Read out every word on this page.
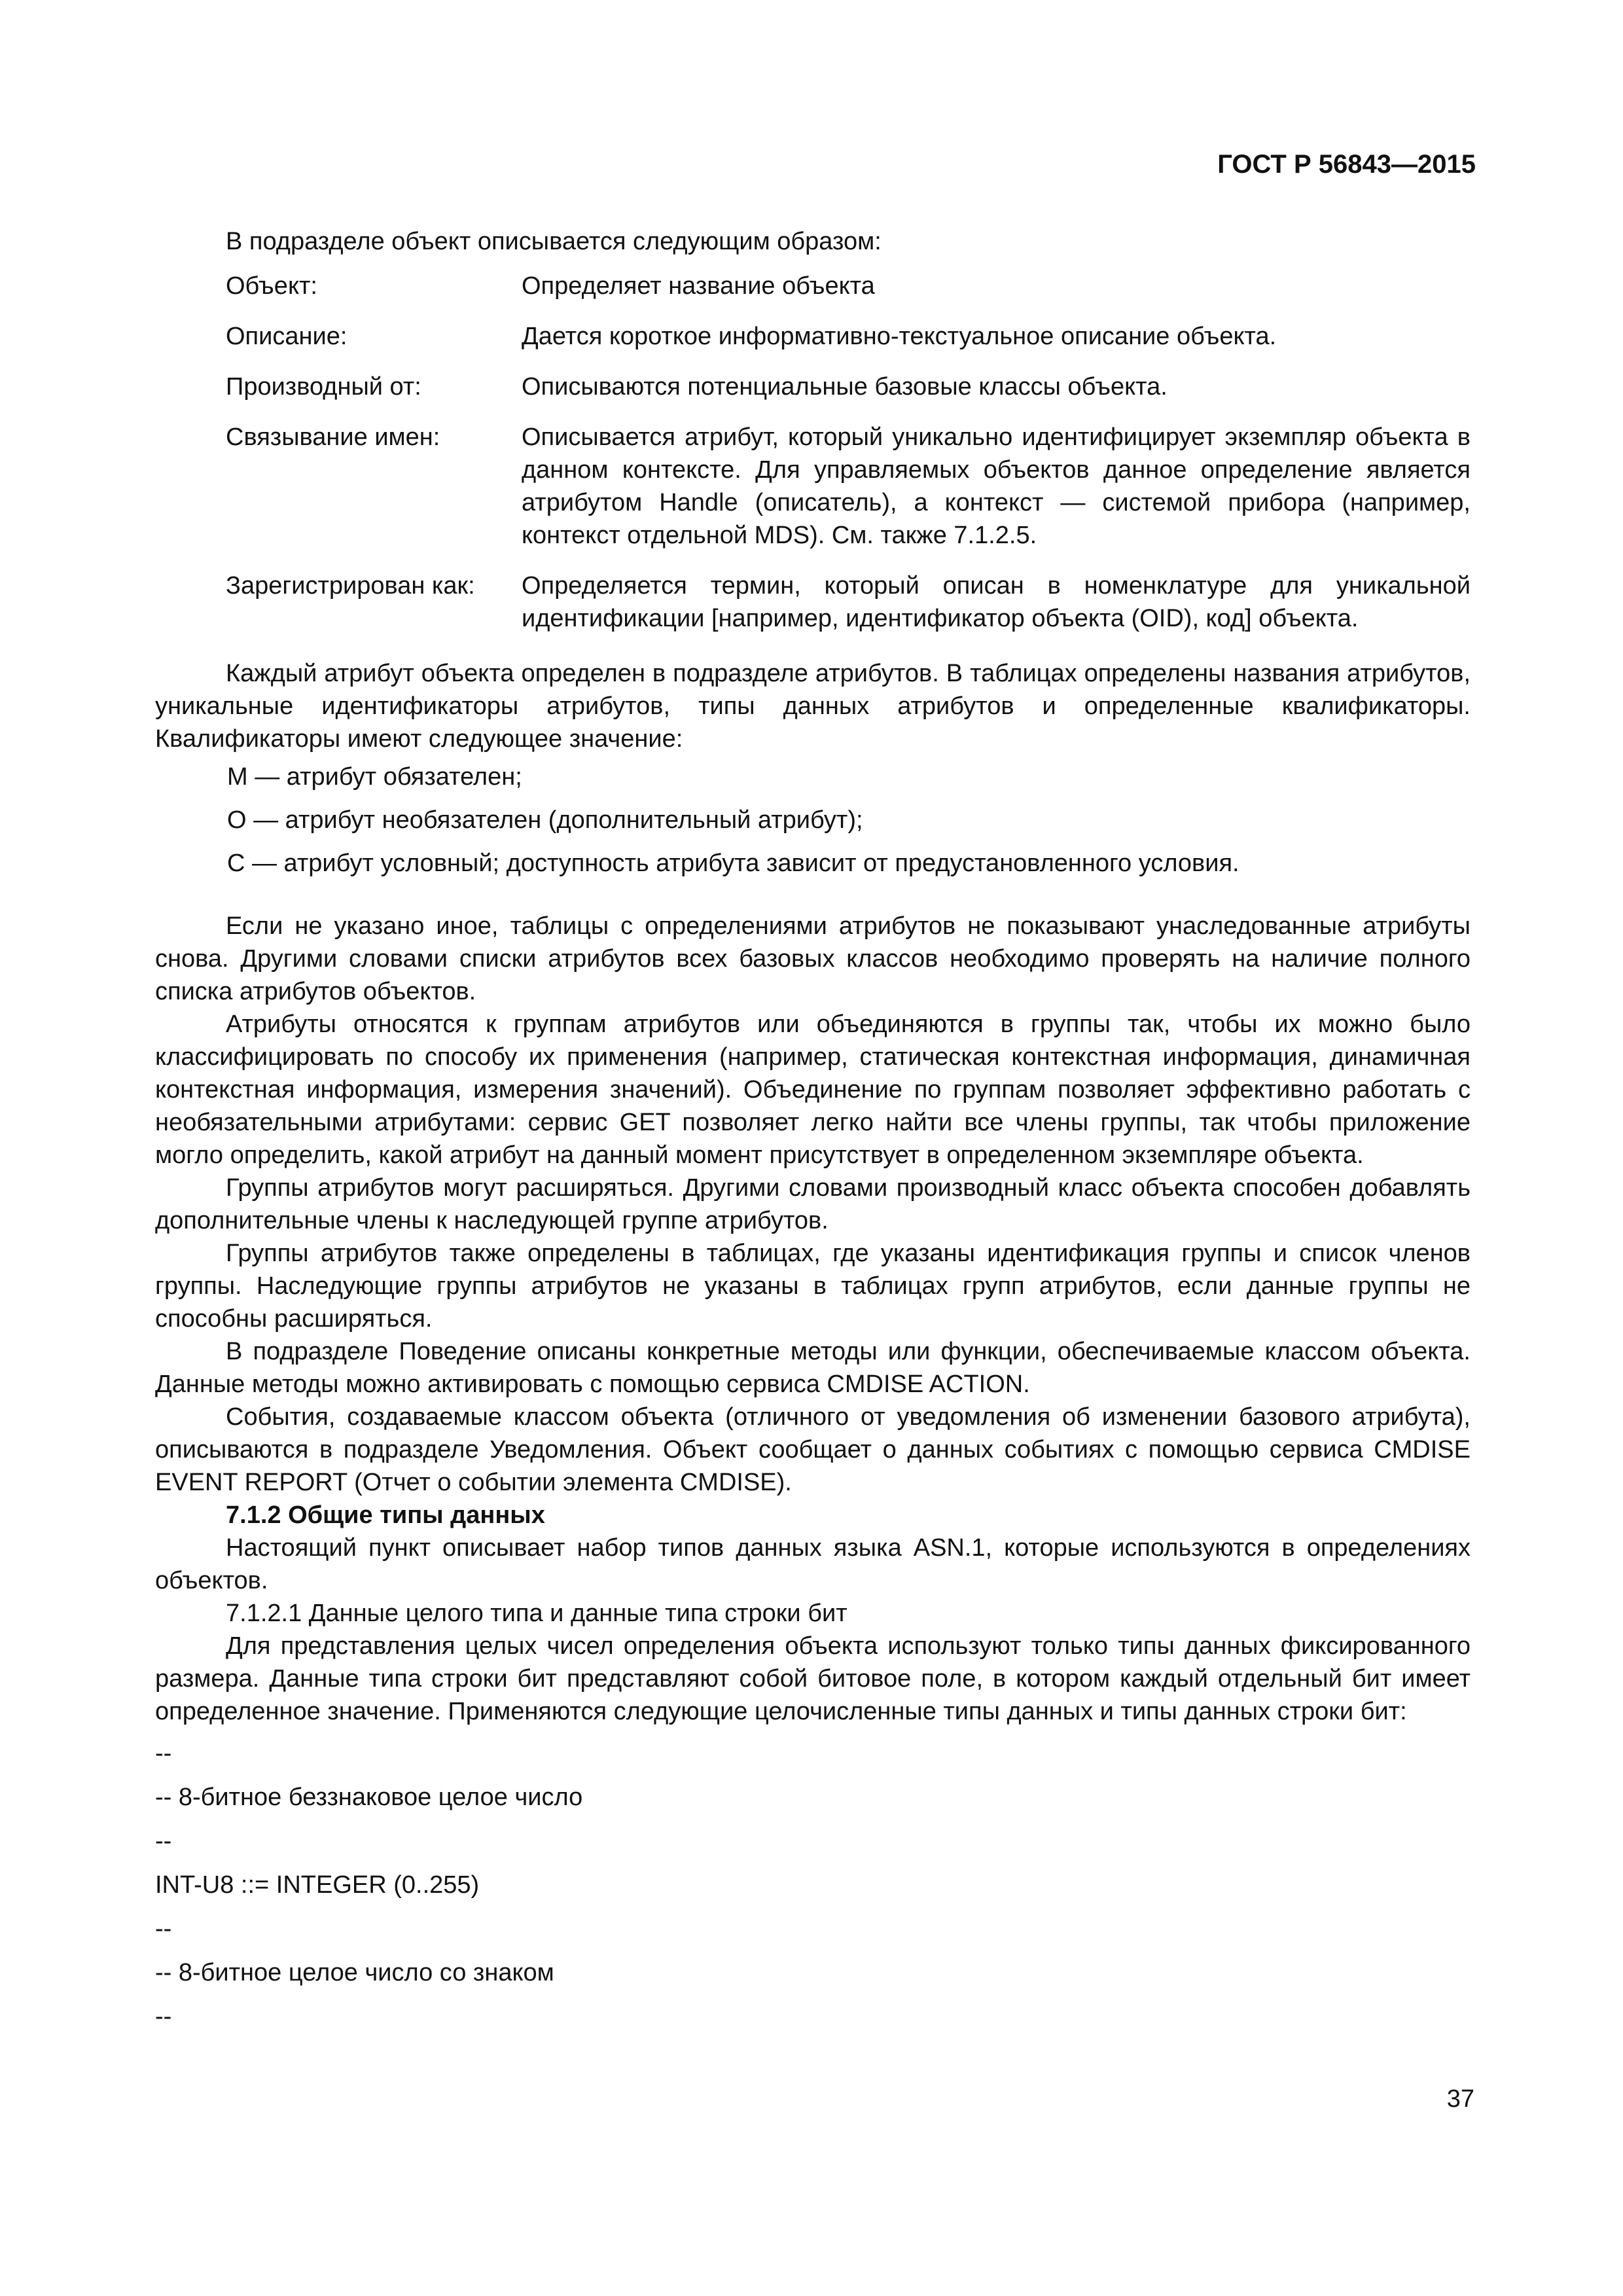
ГОСТ Р 56843—2015

В подразделе объект описывается следующим образом:

Объект:	Определяет название объекта
Описание:	Дается короткое информативно-текстуальное описание объекта.
Производный от:	Описываются потенциальные базовые классы объекта.
Связывание имен:	Описывается атрибут, который уникально идентифицирует экземпляр объекта в данном контексте. Для управляемых объектов данное определение является атрибутом Handle (описатель), а контекст — системой прибора (например, контекст отдельной MDS). См. также 7.1.2.5.
Зарегистрирован как:	Определяется термин, который описан в номенклатуре для уникальной идентификации [например, идентификатор объекта (OID), код] объекта.

Каждый атрибут объекта определен в подразделе атрибутов. В таблицах определены названия атрибутов, уникальные идентификаторы атрибутов, типы данных атрибутов и определенные квалификаторы. Квалификаторы имеют следующее значение:

М — атрибут обязателен;
О — атрибут необязателен (дополнительный атрибут);
С — атрибут условный; доступность атрибута зависит от предустановленного условия.

Если не указано иное, таблицы с определениями атрибутов не показывают унаследованные атрибуты снова. Другими словами списки атрибутов всех базовых классов необходимо проверять на наличие полного списка атрибутов объектов.

Атрибуты относятся к группам атрибутов или объединяются в группы так, чтобы их можно было классифицировать по способу их применения (например, статическая контекстная информация, динамичная контекстная информация, измерения значений). Объединение по группам позволяет эффективно работать с необязательными атрибутами: сервис GET позволяет легко найти все члены группы, так чтобы приложение могло определить, какой атрибут на данный момент присутствует в определенном экземпляре объекта.

Группы атрибутов могут расширяться. Другими словами производный класс объекта способен добавлять дополнительные члены к наследующей группе атрибутов.

Группы атрибутов также определены в таблицах, где указаны идентификация группы и список членов группы. Наследующие группы атрибутов не указаны в таблицах групп атрибутов, если данные группы не способны расширяться.

В подразделе Поведение описаны конкретные методы или функции, обеспечиваемые классом объекта. Данные методы можно активировать с помощью сервиса CMDISE ACTION.

События, создаваемые классом объекта (отличного от уведомления об изменении базового атрибута), описываются в подразделе Уведомления. Объект сообщает о данных событиях с помощью сервиса CMDISE EVENT REPORT (Отчет о событии элемента CMDISE).

7.1.2 Общие типы данных

Настоящий пункт описывает набор типов данных языка ASN.1, которые используются в определениях объектов.

7.1.2.1 Данные целого типа и данные типа строки бит

Для представления целых чисел определения объекта используют только типы данных фиксированного размера. Данные типа строки бит представляют собой битовое поле, в котором каждый отдельный бит имеет определенное значение. Применяются следующие целочисленные типы данных и типы данных строки бит:

--
-- 8-битное беззнаковое целое число
--
INT-U8 ::= INTEGER (0..255)
--
-- 8-битное целое число со знаком
--
37
